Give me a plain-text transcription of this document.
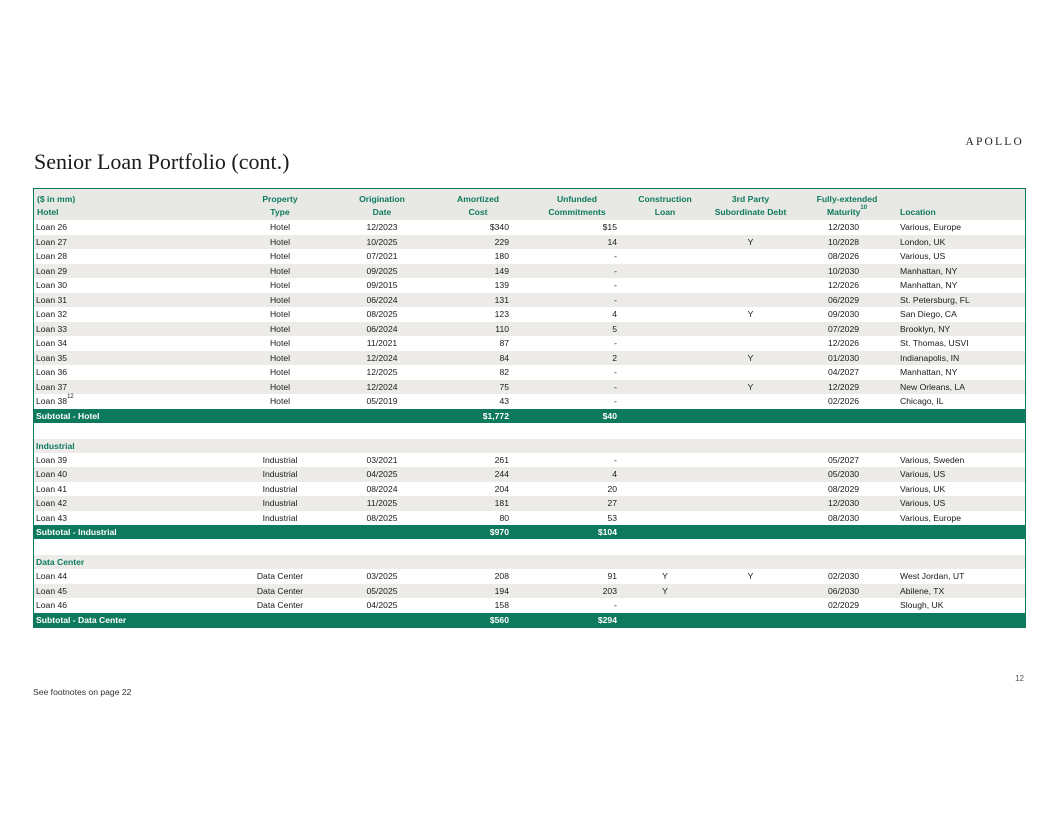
APOLLO
Senior Loan Portfolio (cont.)
($ in mm)	Property	Origination	Amortized	Unfunded	Construction	3rd Party	Fully-extended	
Hotel	Type	Date	Cost	Commitments	Loan	Subordinate Debt	Maturity$^{10}$	Location
Loan 26	Hotel	12/2023	$340	$15			12/2030	Various, Europe
Loan 27	Hotel	10/2025	229	14		Y	10/2028	London, UK
Loan 28	Hotel	07/2021	180	-			08/2026	Various, US
Loan 29	Hotel	09/2025	149	-			10/2030	Manhattan, NY
Loan 30	Hotel	09/2015	139	-			12/2026	Manhattan, NY
Loan 31	Hotel	06/2024	131	-			06/2029	St. Petersburg, FL
Loan 32	Hotel	08/2025	123	4		Y	09/2030	San Diego, CA
Loan 33	Hotel	06/2024	110	5			07/2029	Brooklyn, NY
Loan 34	Hotel	11/2021	87	-			12/2026	St. Thomas, USVI
Loan 35	Hotel	12/2024	84	2		Y	01/2030	Indianapolis, IN
Loan 36	Hotel	12/2025	82	-			04/2027	Manhattan, NY
Loan 37	Hotel	12/2024	75	-		Y	12/2029	New Orleans, LA
Loan $38^{12}$	Hotel	05/2019	43	-			02/2026	Chicago, IL
Subtotal - Hotel			$1,772	$40				

Industrial								
Loan 39	Industrial	03/2021	261	-			05/2027	Various, Sweden
Loan 40	Industrial	04/2025	244	4			05/2030	Various, US
Loan 41	Industrial	08/2024	204	20			08/2029	Various, UK
Loan 42	Industrial	11/2025	181	27			12/2030	Various, US
Loan 43	Industrial	08/2025	80	53			08/2030	Various, Europe
Subtotal - Industrial			$970	$104				

Data Center								
Loan 44	Data Center	03/2025	208	91	Y	Y	02/2030	West Jordan, UT
Loan 45	Data Center	05/2025	194	203	Y		06/2030	Abilene, TX
Loan 46	Data Center	04/2025	158	-			02/2029	Slough, UK
Subtotal - Data Center			$560	$294				
12
See footnotes on page 22
